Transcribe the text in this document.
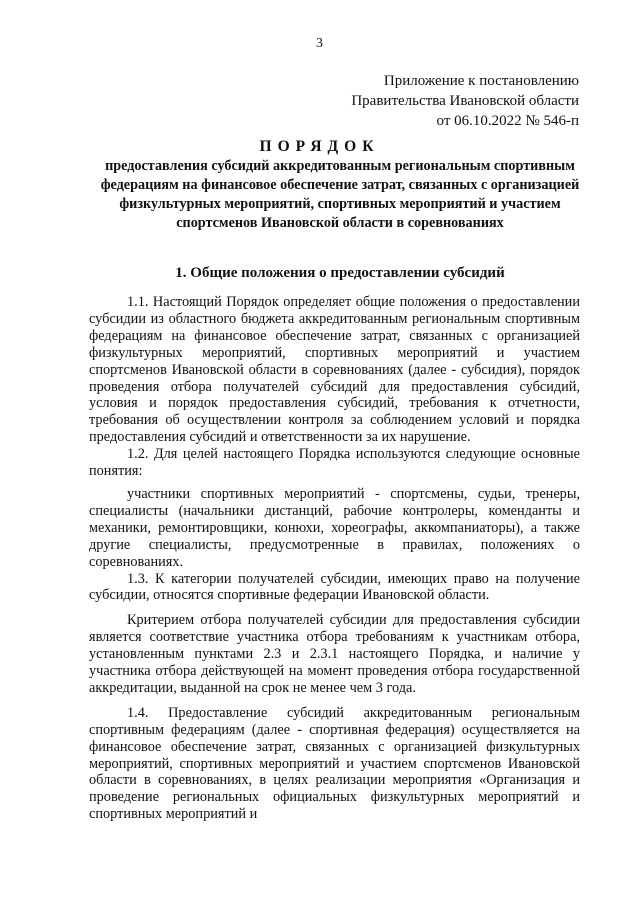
3
Приложение к постановлению
Правительства Ивановской области
от 06.10.2022 № 546-п
ПОРЯДОК
предоставления субсидий аккредитованным региональным спортивным федерациям на финансовое обеспечение затрат, связанных с организацией физкультурных мероприятий, спортивных мероприятий и участием спортсменов Ивановской области в соревнованиях
1. Общие положения о предоставлении субсидий

1.1. Настоящий Порядок определяет общие положения о предоставлении субсидии из областного бюджета аккредитованным региональным спортивным федерациям на финансовое обеспечение затрат, связанных с организацией физкультурных мероприятий, спортивных мероприятий и участием спортсменов Ивановской области в соревнованиях (далее - субсидия), порядок проведения отбора получателей субсидий для предоставления субсидий, условия и порядок предоставления субсидий, требования к отчетности, требования об осуществлении контроля за соблюдением условий и порядка предоставления субсидий и ответственности за их нарушение.

1.2. Для целей настоящего Порядка используются следующие основные понятия:

участники спортивных мероприятий - спортсмены, судьи, тренеры, специалисты (начальники дистанций, рабочие контролеры, коменданты и механики, ремонтировщики, конюхи, хореографы, аккомпаниаторы), а также другие специалисты, предусмотренные в правилах, положениях о соревнованиях.

1.3. К категории получателей субсидии, имеющих право на получение субсидии, относятся спортивные федерации Ивановской области.

Критерием отбора получателей субсидии для предоставления субсидии является соответствие участника отбора требованиям к участникам отбора, установленным пунктами 2.3 и 2.3.1 настоящего Порядка, и наличие у участника отбора действующей на момент проведения отбора государственной аккредитации, выданной на срок не менее чем 3 года.

1.4. Предоставление субсидий аккредитованным региональным спортивным федерациям (далее - спортивная федерация) осуществляется на финансовое обеспечение затрат, связанных с организацией физкультурных мероприятий, спортивных мероприятий и участием спортсменов Ивановской области в соревнованиях, в целях реализации мероприятия «Организация и проведение региональных официальных физкультурных мероприятий и спортивных мероприятий и
